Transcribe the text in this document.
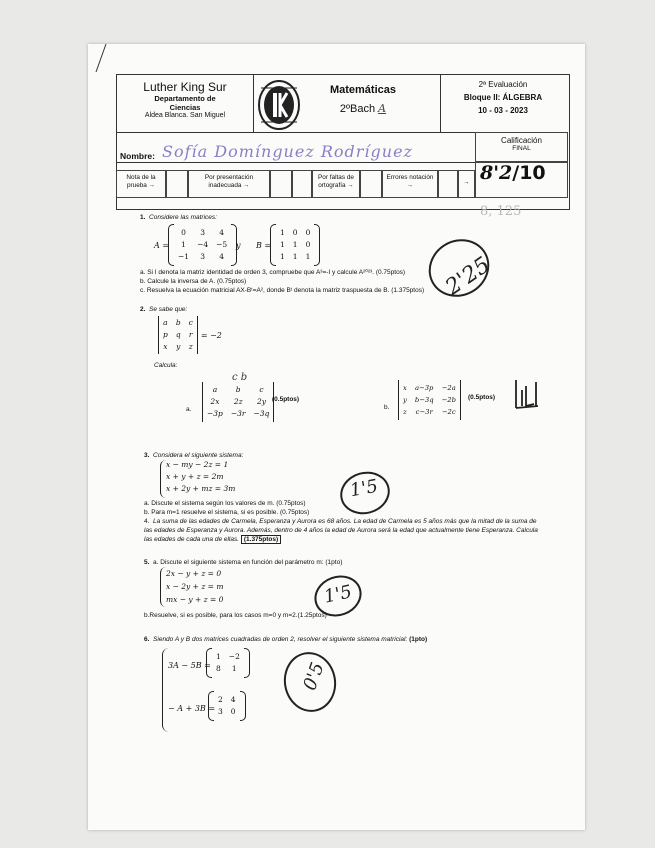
Luther King Sur
Departamento de
Ciencias
Aldea Blanca. San Miguel
Matemáticas
2ºBach A
2ª Evaluación
Bloque II: ÁLGEBRA
10 - 03 - 2023
Calificación
FINAL
Nombre: Sofía Domínguez Rodríguez
Nota de la prueba →
Por presentación inadecuada →
Por faltas de ortografía →
Errores notación →	→ 8'2/10
8, 125
1. Considere las matrices:
A =
0	3	4
1	−4	−5
−1	3	4
y B =
1	0	0
1	1	0
1	1	1
a. Si I denota la matriz identidad de orden 3, compruebe que A³=-I y calcule A²⁰²³. (0.75ptos)
b. Calcule la inversa de A. (0.75ptos)
c. Resuelva la ecuación matricial AX-Bᵗ=A², donde Bᵗ denota la matriz traspuesta de B. (1.375ptos) 2'25
2. Se sabe que:
a	b	c
p	q	r
x	y	z
= −2
Calcula:
a.
c b
a	b	c
2x	2z	2y
−3p	−3r	−3q
(0.5ptos)
b.
x	a−3p	−2a
y	b−3q	−2b
z	c−3r	−2c
(0.5ptos)
3. Considera el siguiente sistema:
x − my − 2z = 1
x + y + z = 2m
x + 2y + mz = 3m
a. Discute el sistema según los valores de m. (0.75ptos)
b. Para m=1 resuelve el sistema, si es posible. (0.75ptos)
1'5
4. La suma de las edades de Carmela, Esperanza y Aurora es 68 años. La edad de Carmela es 5 años más que la mitad de la suma de las edades de Esperanza y Aurora. Además, dentro de 4 años la edad de Aurora será la edad que actualmente tiene Esperanza. Calcula las edades de cada una de ellas. (1.375ptos)
5. a. Discute el siguiente sistema en función del parámetro m: (1pto)
2x − y + z = 0
x − 2y + z = m
mx − y + z = 0
b.Resuelve, si es posible, para los casos m=0 y m=2.(1.25ptos)
1'5
6. Siendo A y B dos matrices cuadradas de orden 2, resolver el siguiente sistema matricial: (1pto)
3A − 5B =
1	−2
8	1
− A + 3B =
2	4
3	0
0'5
